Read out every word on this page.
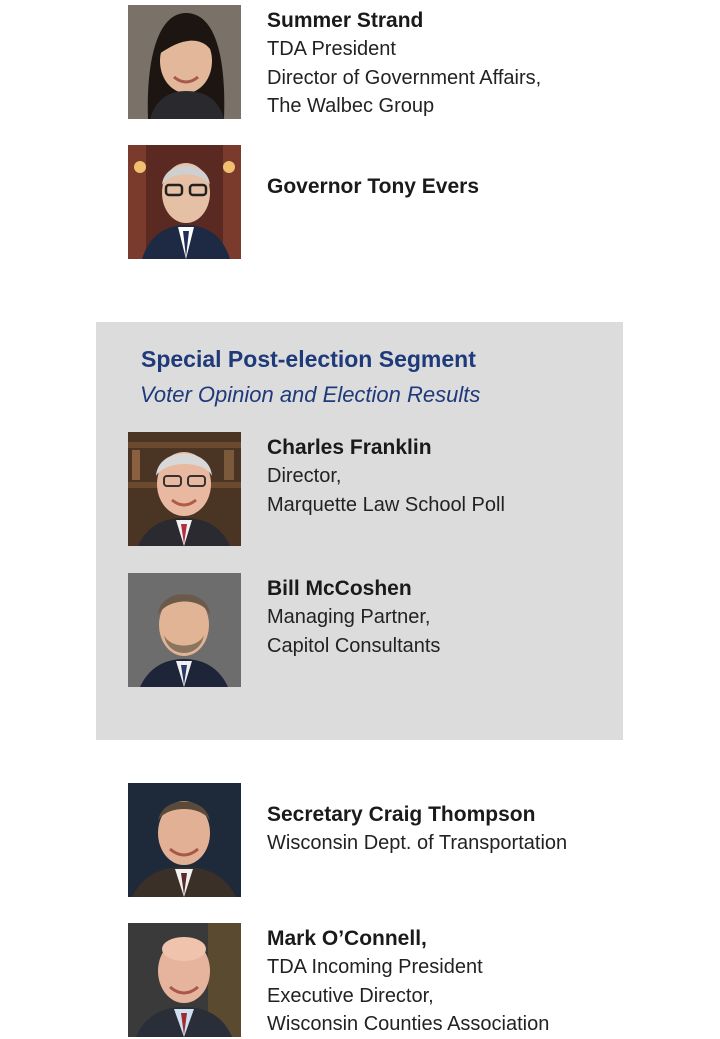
Summer Strand
TDA President
Director of Government Affairs,
The Walbec Group
Governor Tony Evers
Special Post-election Segment
Voter Opinion and Election Results
Charles Franklin
Director,
Marquette Law School Poll
Bill McCoshen
Managing Partner,
Capitol Consultants
Secretary Craig Thompson
Wisconsin Dept. of Transportation
Mark O’Connell,
TDA Incoming President
Executive Director,
Wisconsin Counties Association
